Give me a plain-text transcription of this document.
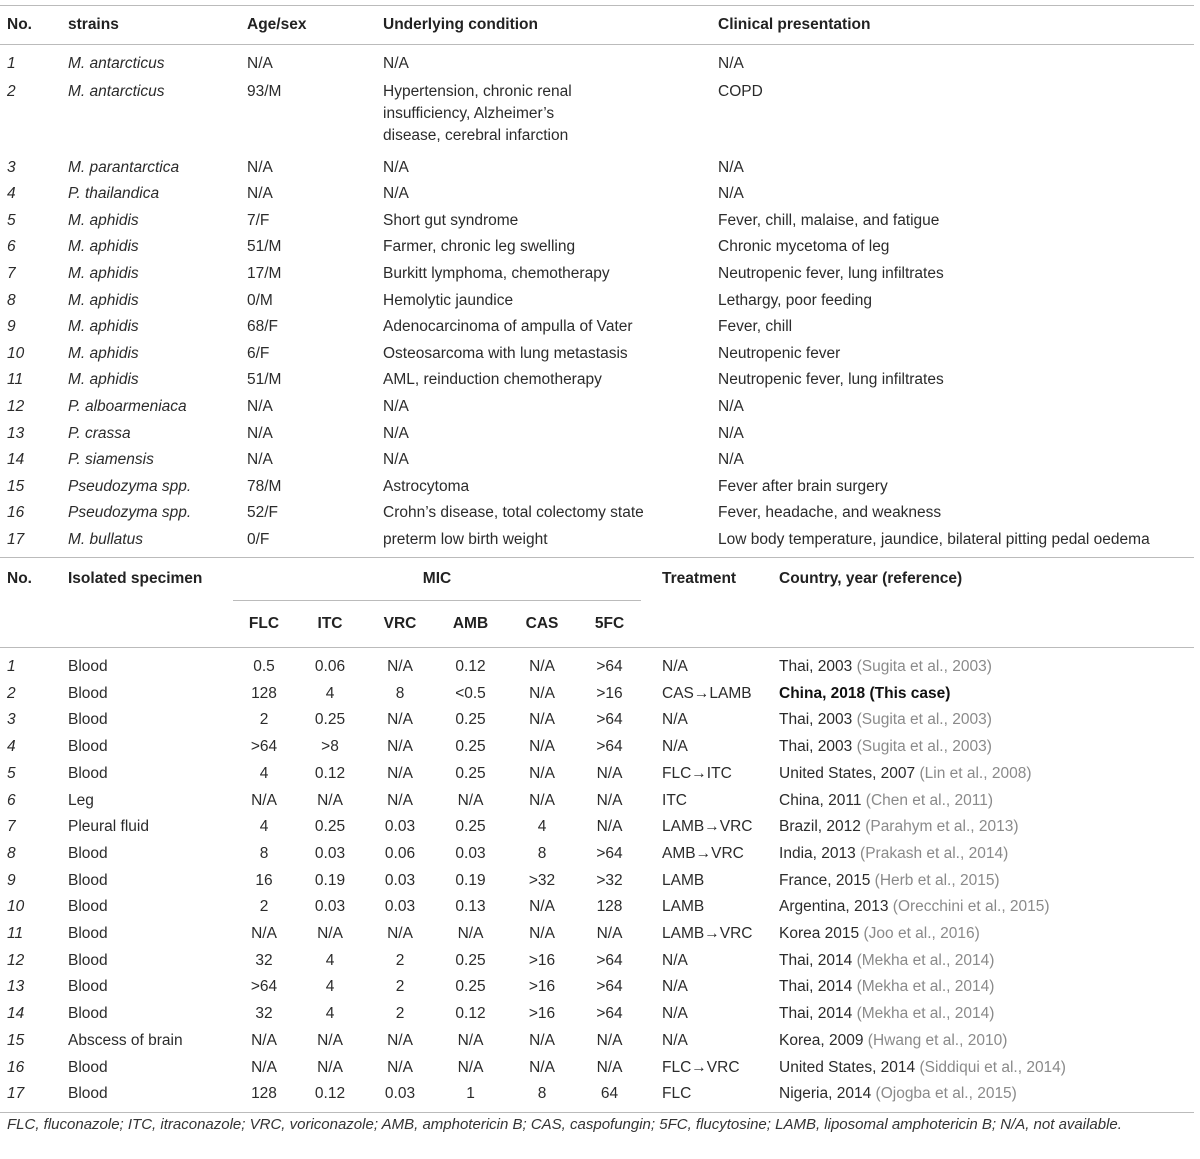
No.	strains	Age/sex	Underlying condition	Clinical presentation
1	M. antarcticus	N/A	N/A	N/A
2	M. antarcticus	93/M	Hypertension, chronic renal
insufficiency, Alzheimer’s
disease, cerebral infarction	COPD
3	M. parantarctica	N/A	N/A	N/A
4	P. thailandica	N/A	N/A	N/A
5	M. aphidis	7/F	Short gut syndrome	Fever, chill, malaise, and fatigue
6	M. aphidis	51/M	Farmer, chronic leg swelling	Chronic mycetoma of leg
7	M. aphidis	17/M	Burkitt lymphoma, chemotherapy	Neutropenic fever, lung infiltrates
8	M. aphidis	0/M	Hemolytic jaundice	Lethargy, poor feeding
9	M. aphidis	68/F	Adenocarcinoma of ampulla of Vater	Fever, chill
10	M. aphidis	6/F	Osteosarcoma with lung metastasis	Neutropenic fever
11	M. aphidis	51/M	AML, reinduction chemotherapy	Neutropenic fever, lung infiltrates
12	P. alboarmeniaca	N/A	N/A	N/A
13	P. crassa	N/A	N/A	N/A
14	P. siamensis	N/A	N/A	N/A
15	Pseudozyma spp.	78/M	Astrocytoma	Fever after brain surgery
16	Pseudozyma spp.	52/F	Crohn’s disease, total colectomy state	Fever, headache, and weakness
17	M. bullatus	0/F	preterm low birth weight	Low body temperature, jaundice, bilateral pitting pedal oedema
No.	Isolated specimen	MIC						Treatment	Country, year (reference)
		FLC	ITC	VRC	AMB	CAS	5FC		
1	Blood	0.5	0.06	N/A	0.12	N/A	>64	N/A	Thai, 2003 (Sugita et al., 2003)
2	Blood	128	4	8	<0.5	N/A	>16	CAS→LAMB	China, 2018 (This case)
3	Blood	2	0.25	N/A	0.25	N/A	>64	N/A	Thai, 2003 (Sugita et al., 2003)
4	Blood	>64	>8	N/A	0.25	N/A	>64	N/A	Thai, 2003 (Sugita et al., 2003)
5	Blood	4	0.12	N/A	0.25	N/A	N/A	FLC→ITC	United States, 2007 (Lin et al., 2008)
6	Leg	N/A	N/A	N/A	N/A	N/A	N/A	ITC	China, 2011 (Chen et al., 2011)
7	Pleural fluid	4	0.25	0.03	0.25	4	N/A	LAMB→VRC	Brazil, 2012 (Parahym et al., 2013)
8	Blood	8	0.03	0.06	0.03	8	>64	AMB→VRC	India, 2013 (Prakash et al., 2014)
9	Blood	16	0.19	0.03	0.19	>32	>32	LAMB	France, 2015 (Herb et al., 2015)
10	Blood	2	0.03	0.03	0.13	N/A	128	LAMB	Argentina, 2013 (Orecchini et al., 2015)
11	Blood	N/A	N/A	N/A	N/A	N/A	N/A	LAMB→VRC	Korea 2015 (Joo et al., 2016)
12	Blood	32	4	2	0.25	>16	>64	N/A	Thai, 2014 (Mekha et al., 2014)
13	Blood	>64	4	2	0.25	>16	>64	N/A	Thai, 2014 (Mekha et al., 2014)
14	Blood	32	4	2	0.12	>16	>64	N/A	Thai, 2014 (Mekha et al., 2014)
15	Abscess of brain	N/A	N/A	N/A	N/A	N/A	N/A	N/A	Korea, 2009 (Hwang et al., 2010)
16	Blood	N/A	N/A	N/A	N/A	N/A	N/A	FLC→VRC	United States, 2014 (Siddiqui et al., 2014)
17	Blood	128	0.12	0.03	1	8	64	FLC	Nigeria, 2014 (Ojogba et al., 2015)
FLC, fluconazole; ITC, itraconazole; VRC, voriconazole; AMB, amphotericin B; CAS, caspofungin; 5FC, flucytosine; LAMB, liposomal amphotericin B; N/A, not available.
